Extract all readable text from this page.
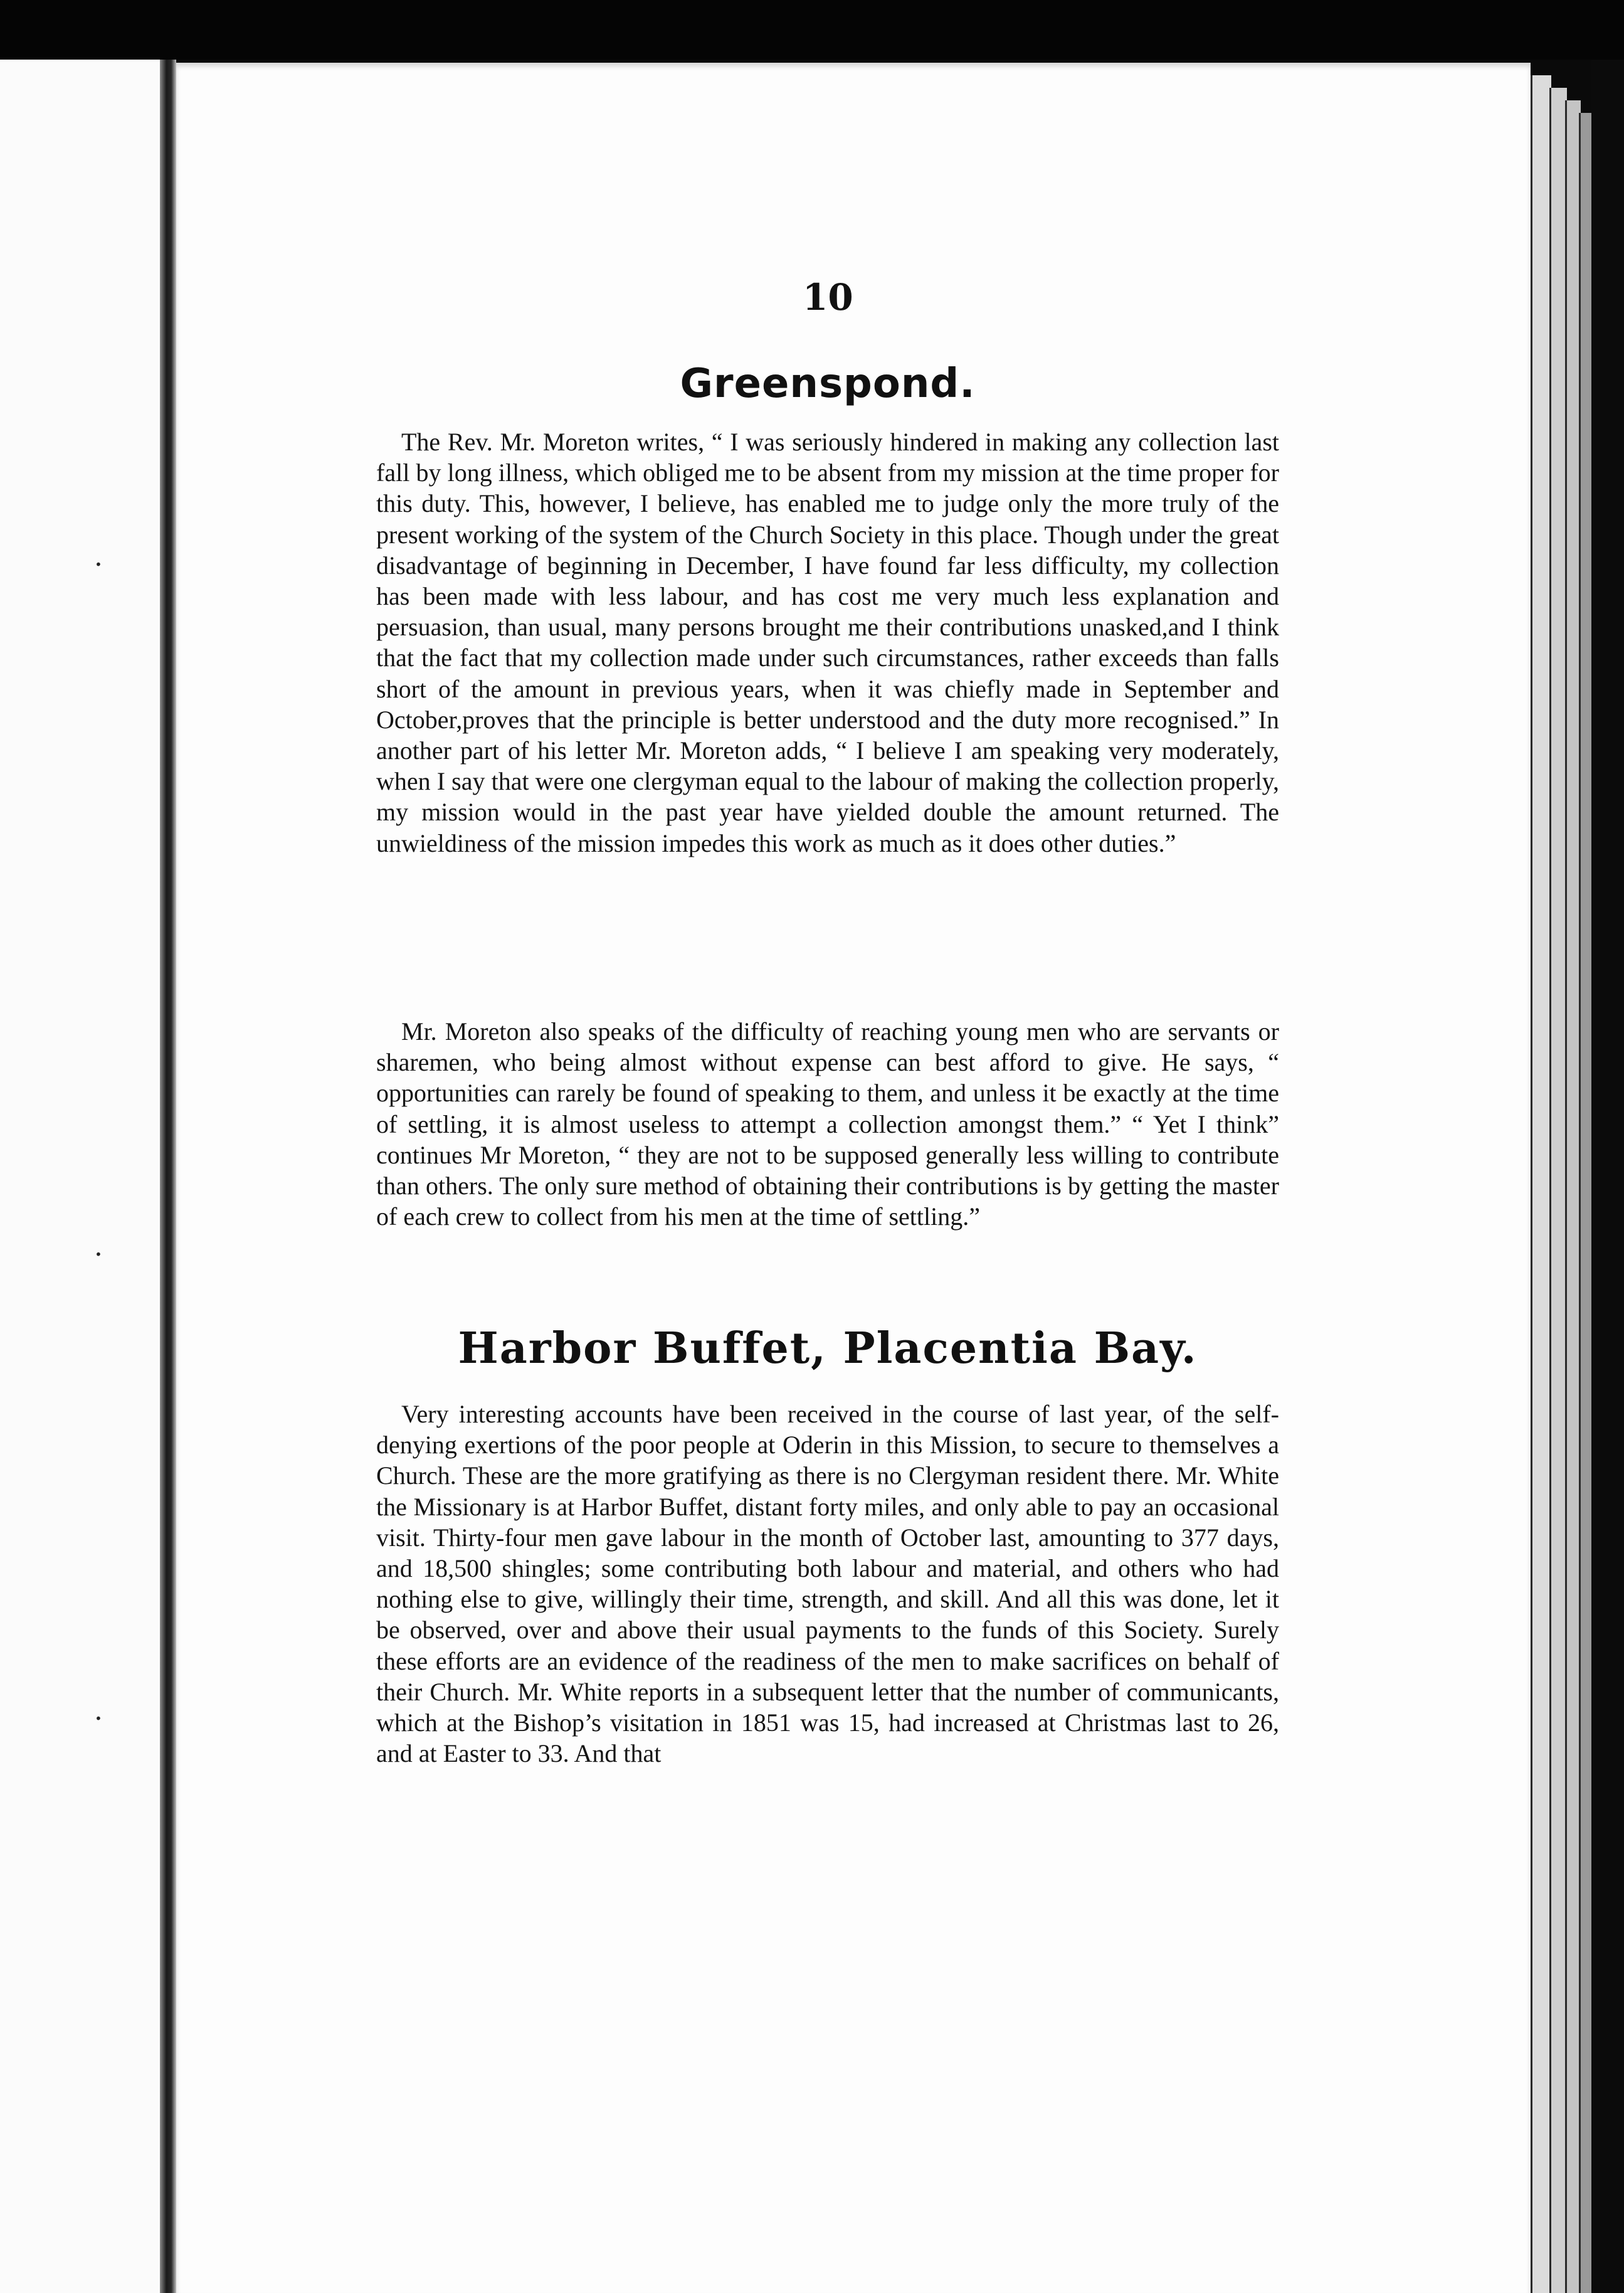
·
·
·
10
Greenspond.

The Rev. Mr. Moreton writes, “ I was seriously hindered in making any collection last fall by long illness, which obliged me to be absent from my mission at the time proper for this duty. This, however, I believe, has enabled me to judge only the more truly of the present working of the system of the Church Society in this place. Though under the great disadvantage of beginning in December, I have found far less difficulty, my collection has been made with less labour, and has cost me very much less explanation and persuasion, than usual, many persons brought me their contributions unasked,and I think that the fact that my collection made under such circumstances, rather exceeds than falls short of the amount in previous years, when it was chiefly made in September and October,proves that the principle is better understood and the duty more recognised.” In another part of his letter Mr. Moreton adds, “ I believe I am speaking very moderately, when I say that were one clergyman equal to the labour of making the collection properly, my mission would in the past year have yielded double the amount returned. The unwieldiness of the mission impedes this work as much as it does other duties.”

Mr. Moreton also speaks of the difficulty of reaching young men who are servants or sharemen, who being almost without expense can best afford to give. He says, “ opportunities can rarely be found of speaking to them, and unless it be exactly at the time of settling, it is almost useless to attempt a collection amongst them.” “ Yet I think” continues Mr Moreton, “ they are not to be supposed generally less willing to contribute than others. The only sure method of obtaining their contributions is by getting the master of each crew to collect from his men at the time of settling.”

Harbor Buffet, Placentia Bay.

Very interesting accounts have been received in the course of last year, of the self-denying exertions of the poor people at Oderin in this Mission, to secure to themselves a Church. These are the more gratifying as there is no Clergyman resident there. Mr. White the Missionary is at Harbor Buffet, distant forty miles, and only able to pay an occasional visit. Thirty-four men gave labour in the month of October last, amounting to 377 days, and 18,500 shingles; some contributing both labour and material, and others who had nothing else to give, willingly their time, strength, and skill. And all this was done, let it be observed, over and above their usual payments to the funds of this Society. Surely these efforts are an evidence of the readiness of the men to make sacrifices on behalf of their Church. Mr. White reports in a subsequent letter that the number of communicants, which at the Bishop’s visitation in 1851 was 15, had increased at Christmas last to 26, and at Easter to 33. And that
